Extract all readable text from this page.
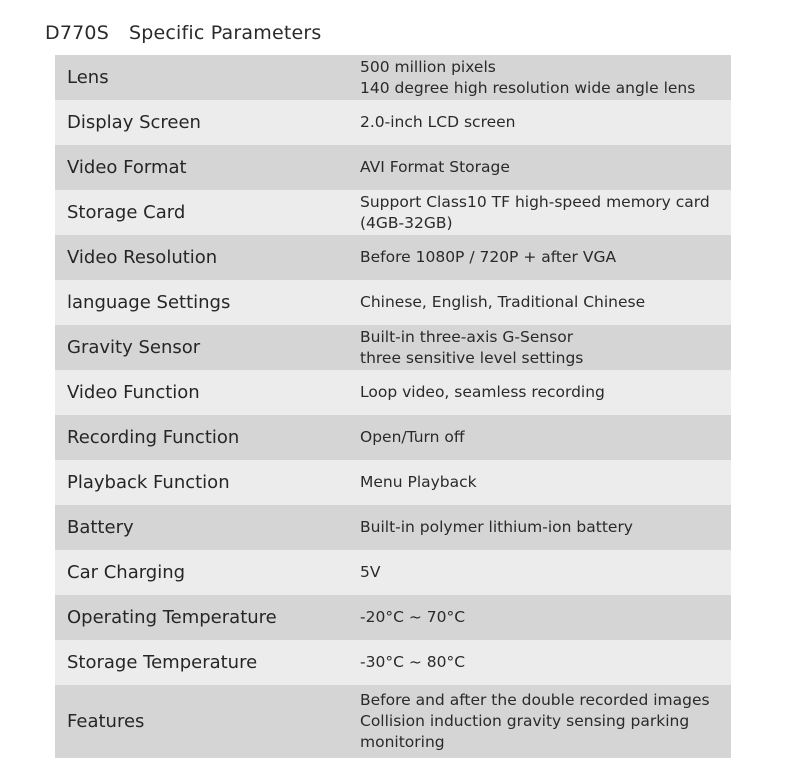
D770S Specific Parameters
Lens	500 million pixels
140 degree high resolution wide angle lens

Display Screen	2.0-inch LCD screen

Video Format	AVI Format Storage

Storage Card	Support Class10 TF high-speed memory card
(4GB-32GB)

Video Resolution	Before 1080P / 720P + after VGA

language Settings	Chinese, English, Traditional Chinese

Gravity Sensor	Built-in three-axis G-Sensor
three sensitive level settings

Video Function	Loop video, seamless recording

Recording Function	Open/Turn off

Playback Function	Menu Playback

Battery	Built-in polymer lithium-ion battery

Car Charging	5V

Operating Temperature	-20°C ~ 70°C

Storage Temperature	-30°C ~ 80°C

Features	Before and after the double recorded images
Collision induction gravity sensing parking
monitoring
